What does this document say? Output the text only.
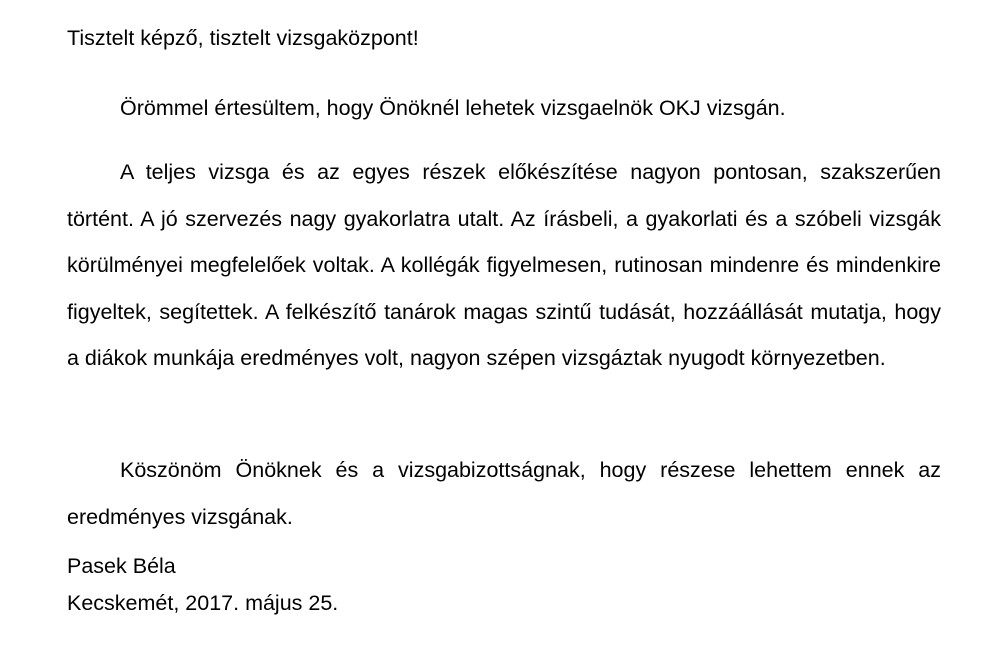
Tisztelt képző, tisztelt vizsgaközpont!

Örömmel értesültem, hogy Önöknél lehetek vizsgaelnök OKJ vizsgán.

A teljes vizsga és az egyes részek előkészítése nagyon pontosan, szakszerűen történt. A jó szervezés nagy gyakorlatra utalt. Az írásbeli, a gyakorlati és a szóbeli vizsgák körülményei megfelelőek voltak. A kollégák figyelmesen, rutinosan mindenre és mindenkire figyeltek, segítettek. A felkészítő tanárok magas szintű tudását, hozzáállását mutatja, hogy a diákok munkája eredményes volt, nagyon szépen vizsgáztak nyugodt környezetben.

Köszönöm Önöknek és a vizsgabizottságnak, hogy részese lehettem ennek az eredményes vizsgának.

Pasek Béla

Kecskemét, 2017. május 25.
